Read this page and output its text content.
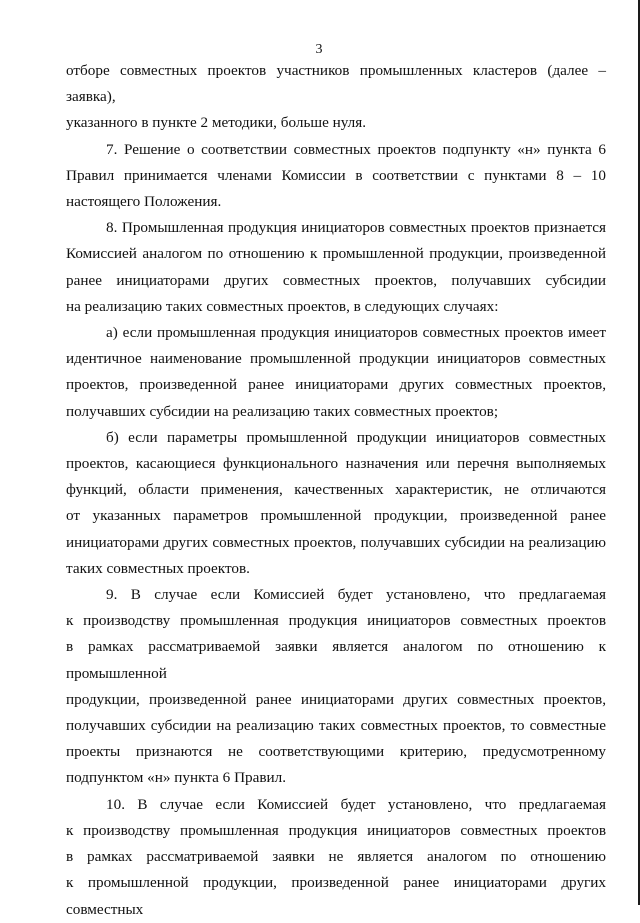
3
отборе совместных проектов участников промышленных кластеров (далее – заявка),
указанного в пункте 2 методики, больше нуля.
7. Решение о соответствии совместных проектов подпункту «н» пункта 6
Правил принимается членами Комиссии в соответствии с пунктами 8 – 10
настоящего Положения.
8. Промышленная продукция инициаторов совместных проектов признается
Комиссией аналогом по отношению к промышленной продукции, произведенной
ранее инициаторами других совместных проектов, получавших субсидии
на реализацию таких совместных проектов, в следующих случаях:
а) если промышленная продукция инициаторов совместных проектов имеет
идентичное наименование промышленной продукции инициаторов совместных
проектов, произведенной ранее инициаторами других совместных проектов,
получавших субсидии на реализацию таких совместных проектов;
б) если параметры промышленной продукции инициаторов совместных
проектов, касающиеся функционального назначения или перечня выполняемых
функций, области применения, качественных характеристик, не отличаются
от указанных параметров промышленной продукции, произведенной ранее
инициаторами других совместных проектов, получавших субсидии на реализацию
таких совместных проектов.
9. В случае если Комиссией будет установлено, что предлагаемая
к производству промышленная продукция инициаторов совместных проектов
в рамках рассматриваемой заявки является аналогом по отношению к промышленной
продукции, произведенной ранее инициаторами других совместных проектов,
получавших субсидии на реализацию таких совместных проектов, то совместные
проекты признаются не соответствующими критерию, предусмотренному
подпунктом «н» пункта 6 Правил.
10. В случае если Комиссией будет установлено, что предлагаемая
к производству промышленная продукция инициаторов совместных проектов
в рамках рассматриваемой заявки не является аналогом по отношению
к промышленной продукции, произведенной ранее инициаторами других совместных
